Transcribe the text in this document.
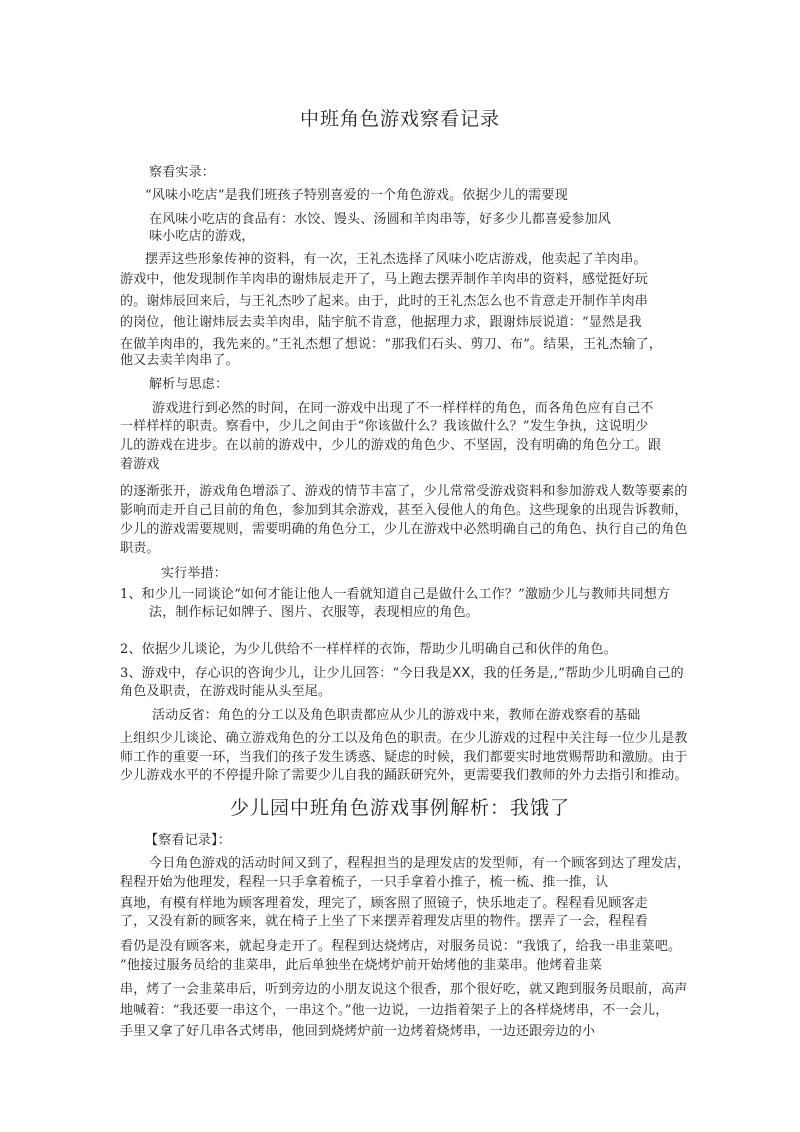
中班角色游戏察看记录
察看实录：
“风味小吃店”是我们班孩子特别喜爱的一个角色游戏。依据少儿的需要现
在风味小吃店的食品有：水饺、馒头、汤圆和羊肉串等，好多少儿都喜爱参加风
味小吃店的游戏，
摆弄这些形象传神的资料，有一次，王礼杰选择了风味小吃店游戏，他卖起了羊肉串。
游戏中，他发现制作羊肉串的谢炜辰走开了，马上跑去摆弄制作羊肉串的资料，感觉挺好玩
的。谢炜辰回来后，与王礼杰吵了起来。由于，此时的王礼杰怎么也不肯意走开制作羊肉串
的岗位，他让谢炜辰去卖羊肉串，陆宇航不肯意，他据理力求，跟谢炜辰说道：“显然是我
在做羊肉串的，我先来的。”王礼杰想了想说：“那我们石头、剪刀、布”。结果，王礼杰输了，
他又去卖羊肉串了。
解析与思虑：
游戏进行到必然的时间，在同一游戏中出现了不一样样样的角色，而各角色应有自己不
一样样样的职责。察看中，少儿之间由于“你该做什么？我该做什么？”发生争执，这说明少
儿的游戏在进步。在以前的游戏中，少儿的游戏的角色少、不坚固，没有明确的角色分工。跟
着游戏
的逐渐张开，游戏角色增添了、游戏的情节丰富了，少儿常常受游戏资料和参加游戏人数等要素的
影响而走开自己目前的角色，参加到其余游戏，甚至入侵他人的角色。这些现象的出现告诉教师，
少儿的游戏需要规则，需要明确的角色分工，少儿在游戏中必然明确自己的角色、执行自己的角色
职责。
实行举措：
1、和少儿一同谈论“如何才能让他人一看就知道自己是做什么工作？”激励少儿与教师共同想方
法，制作标记如牌子、图片、衣服等，表现相应的角色。
2、依据少儿谈论，为少儿供给不一样样样的衣饰，帮助少儿明确自己和伙伴的角色。
3、游戏中，存心识的咨询少儿，让少儿回答：“今日我是XX，我的任务是,,”帮助少儿明确自己的
角色及职责，在游戏时能从头至尾。
活动反省：角色的分工以及角色职责都应从少儿的游戏中来，教师在游戏察看的基础
上组织少儿谈论、确立游戏角色的分工以及角色的职责。在少儿游戏的过程中关注每一位少儿是教
师工作的重要一环，当我们的孩子发生诱惑、疑虑的时候，我们都要实时地赏赐帮助和激励。由于
少儿游戏水平的不停提升除了需要少儿自我的踊跃研究外，更需要我们教师的外力去指引和推动。
少儿园中班角色游戏事例解析：我饿了
【察看记录】：
今日角色游戏的活动时间又到了，程程担当的是理发店的发型师，有一个顾客到达了理发店，
程程开始为他理发，程程一只手拿着梳子，一只手拿着小推子，梳一梳、推一推，认
真地，有模有样地为顾客理着发，理完了，顾客照了照镜子，快乐地走了。程程看见顾客走
了，又没有新的顾客来，就在椅子上坐了下来摆弄着理发店里的物件。摆弄了一会，程程看
看仍是没有顾客来，就起身走开了。程程到达烧烤店，对服务员说：“我饿了，给我一串韭菜吧。
”他接过服务员给的韭菜串，此后单独坐在烧烤炉前开始烤他的韭菜串。他烤着韭菜
串，烤了一会韭菜串后，听到旁边的小朋友说这个很香，那个很好吃，就又跑到服务员眼前，高声
地喊着：“我还要一串这个，一串这个。”他一边说，一边指着架子上的各样烧烤串，不一会儿，
手里又拿了好几串各式烤串，他回到烧烤炉前一边烤着烧烤串，一边还跟旁边的小
